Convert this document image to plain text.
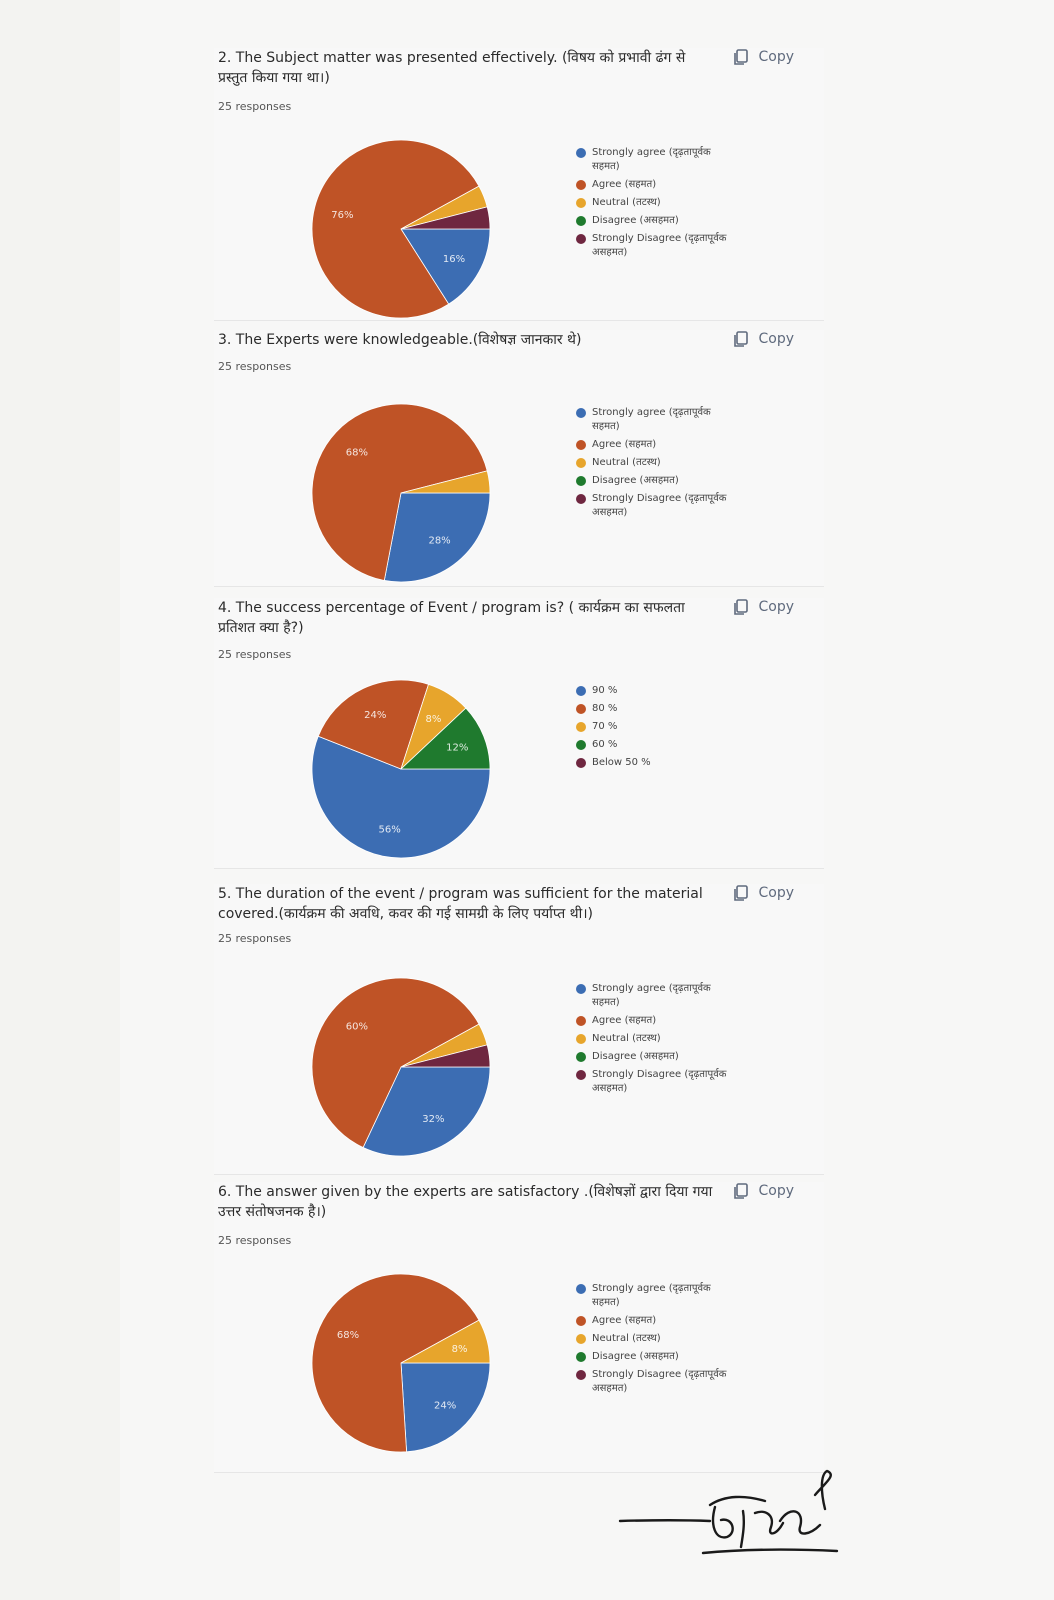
2. The Subject matter was presented effectively. (विषय को प्रभावी ढंग से प्रस्तुत किया गया था।)
25 responses
Copy
16%
76%
Strongly agree (दृढ़तापूर्वक सहमत)
Agree (सहमत)
Neutral (तटस्थ)
Disagree (असहमत)
Strongly Disagree (दृढ़तापूर्वक असहमत)
3. The Experts were knowledgeable.(विशेषज्ञ जानकार थे)
25 responses
Copy
28%
68%
Strongly agree (दृढ़तापूर्वक सहमत)
Agree (सहमत)
Neutral (तटस्थ)
Disagree (असहमत)
Strongly Disagree (दृढ़तापूर्वक असहमत)
4. The success percentage of Event / program is? ( कार्यक्रम का सफलता प्रतिशत क्या है?)
25 responses
Copy
56%
24%	8%
12%
90 %
80 %
70 %
60 %
Below 50 %
5. The duration of the event / program was sufficient for the material covered.(कार्यक्रम की अवधि, कवर की गई सामग्री के लिए पर्याप्त थी।)
25 responses
Copy
32%
60%
Strongly agree (दृढ़तापूर्वक सहमत)
Agree (सहमत)
Neutral (तटस्थ)
Disagree (असहमत)
Strongly Disagree (दृढ़तापूर्वक असहमत)
6. The answer given by the experts are satisfactory .(विशेषज्ञों द्वारा दिया गया उत्तर संतोषजनक है।)
25 responses
Copy
24%
68%
8%
Strongly agree (दृढ़तापूर्वक सहमत)
Agree (सहमत)
Neutral (तटस्थ)
Disagree (असहमत)
Strongly Disagree (दृढ़तापूर्वक असहमत)
